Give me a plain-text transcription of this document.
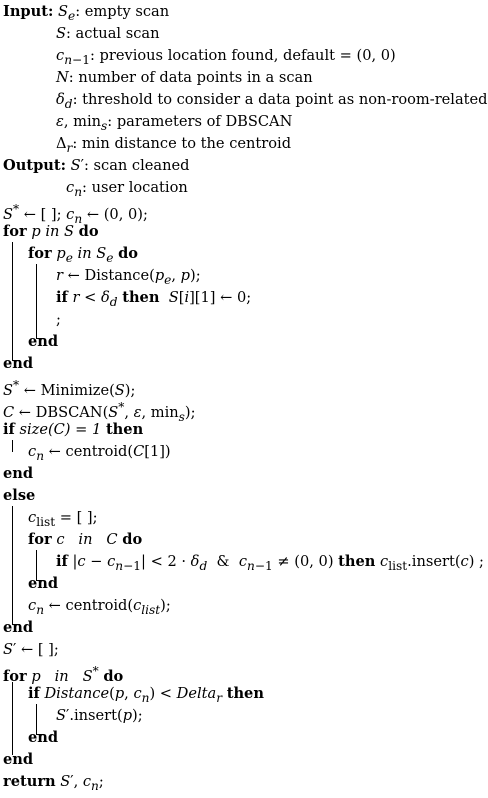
Input: $S_e$: empty scan
S: actual scan
$c_{n-1}$: previous location found, default = (0, 0)
N: number of data points in a scan
$\delta_d$: threshold to consider a data point as non-room-related
ε, $\min_s$: parameters of DBSCAN
$\Delta_r$: min distance to the centroid
Output: S′: scan cleaned
$c_n$: user location
S* ← [ ]; $c_n$ ← (0, 0);
for p in S do
for $p_e$ in $S_e$ do
r ← $Distance(p_e$, p);
if $r < \delta_d$ then S[i][1] ← 0;
;
end
end
S* ← Minimize(S);
C ← DBSCAN(S*, ε, $\min_s$);
if size(C) = 1 then
$c_n$ ← centroid(C[1])
end
else
$c_{list}$ = [ ];
for c   in   C do
if $|c - c_{n-1}| < 2 \cdot \delta_d$  &  $c_{n-1} \ne (0$, 0) then $c_{list}.insert(c)$ ;
end
$c_n$ ← $centroid(c_{list})$;
end
S′ ← [ ];
for p   in   S* do
if Distance(p, $c_n$) < Delta$_r$ then
S′.insert(p);
end
end
return S′, $c_n$;
